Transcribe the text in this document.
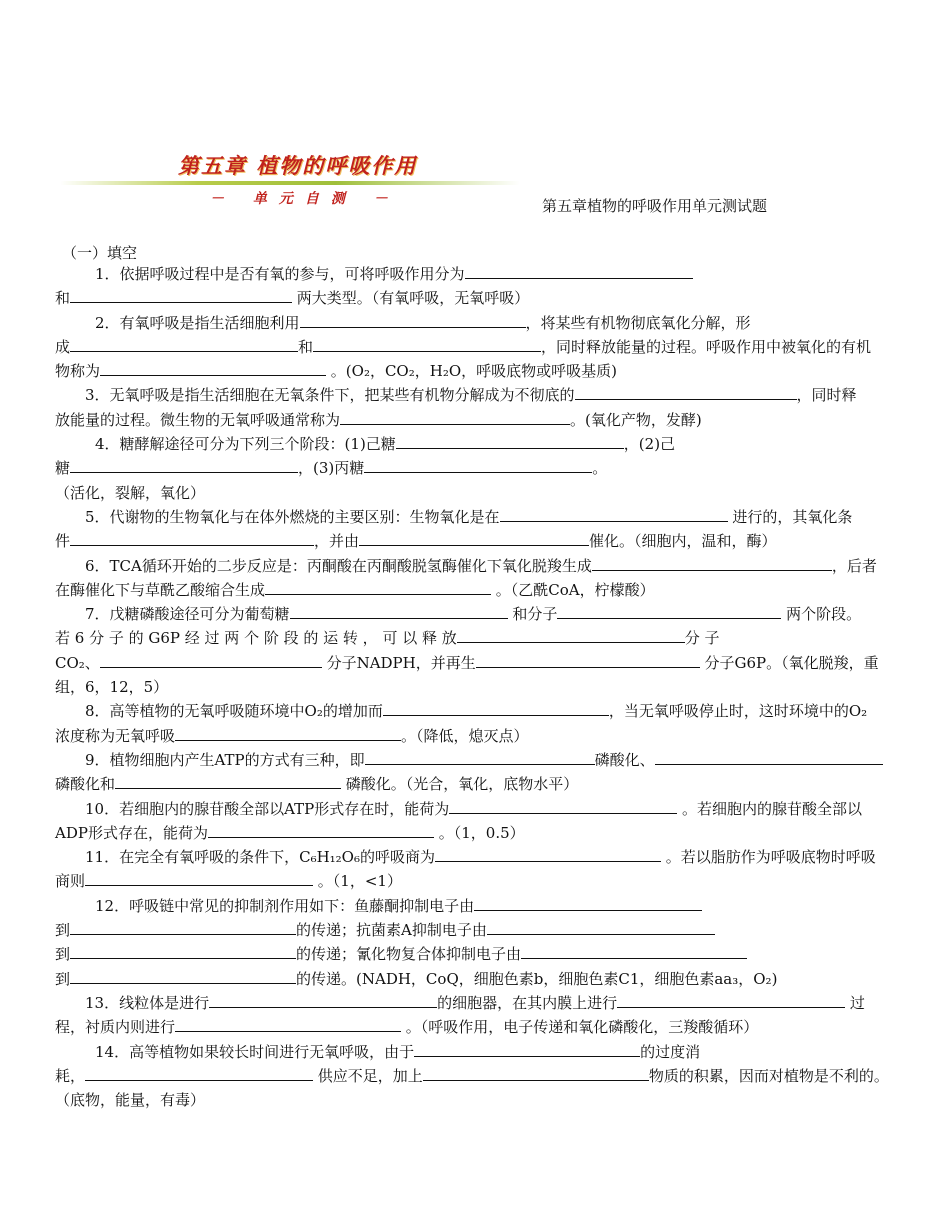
第五章 植物的呼吸作用
－ 单元自测 －	第五章植物的呼吸作用单元测试题
（一）填空

1．依据呼吸过程中是否有氧的参与，可将呼吸作用分为

和	两大类型。（有氧呼吸，无氧呼吸）

2．有氧呼吸是指生活细胞利用	，将某些有机物彻底氧化分解，形

成	和	，同时释放能量的过程。呼吸作用中被氧化的有机

物称为	。(O₂，CO₂，H₂O，呼吸底物或呼吸基质)

3．无氧呼吸是指生活细胞在无氧条件下，把某些有机物分解成为不彻底的	，同时释

放能量的过程。微生物的无氧呼吸通常称为	。(氧化产物，发酵)

4．糖酵解途径可分为下列三个阶段：(1)己糖	，(2)己

糖	，(3)丙糖	。

（活化，裂解，氧化）

5．代谢物的生物氧化与在体外燃烧的主要区别：生物氧化是在	进行的，其氧化条

件	，并由	催化。（细胞内，温和，酶）

6．TCA循环开始的二步反应是：丙酮酸在丙酮酸脱氢酶催化下氧化脱羧生成	，后者

在酶催化下与草酰乙酸缩合生成	。（乙酰CoA，柠檬酸）

7．戊糖磷酸途径可分为葡萄糖	和分子	两个阶段。

若 6 分 子 的 G6P 经 过 两 个 阶 段 的 运 转 ， 可 以 释 放	分 子

CO₂、	分子NADPH，并再生	分子G6P。（氧化脱羧，重

组，6，12，5）

8．高等植物的无氧呼吸随环境中O₂的增加而	，当无氧呼吸停止时，这时环境中的O₂

浓度称为无氧呼吸	。（降低，熄灭点）

9．植物细胞内产生ATP的方式有三种，即	磷酸化、

磷酸化和	磷酸化。（光合，氧化，底物水平）

10．若细胞内的腺苷酸全部以ATP形式存在时，能荷为	。若细胞内的腺苷酸全部以

ADP形式存在，能荷为	。（1，0.5）

11．在完全有氧呼吸的条件下，C₆H₁₂O₆的呼吸商为	。若以脂肪作为呼吸底物时呼吸

商则	。（1，<1）

12．呼吸链中常见的抑制剂作用如下：鱼藤酮抑制电子由

到	的传递；抗菌素A抑制电子由

到	的传递；氰化物复合体抑制电子由

到	的传递。(NADH，CoQ，细胞色素b，细胞色素C1，细胞色素aa₃，O₂)

13．线粒体是进行	的细胞器，在其内膜上进行	过

程，衬质内则进行	。（呼吸作用，电子传递和氧化磷酸化，三羧酸循环）

14．高等植物如果较长时间进行无氧呼吸，由于	的过度消

耗，	供应不足，加上	物质的积累，因而对植物是不利的。

（底物，能量，有毒）
